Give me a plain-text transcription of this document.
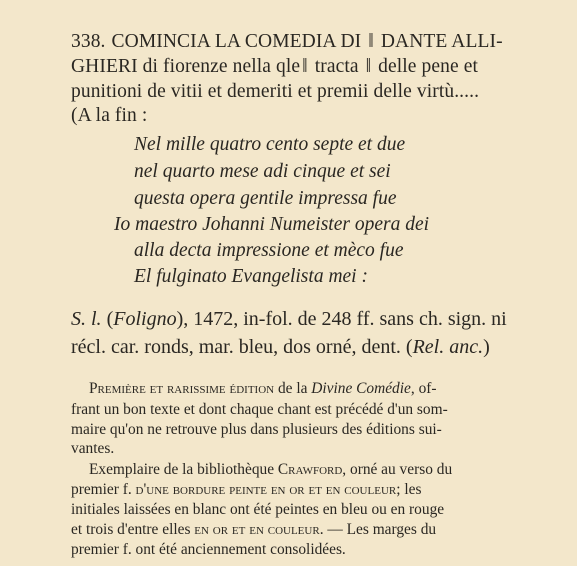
338. COMINCIA LA COMEDIA DI ‖ DANTE ALLI-
GHIERI di fiorenze nella qle ‖ tracta ‖ delle pene et
punitioni de vitii et demeriti et premii delle virtù.....
(A la fin :
Nel mille quatro cento septe et due
nel quarto mese adi cinque et sei
questa opera gentile impressa fue
Io maestro Johanni Numeister opera dei
alla decta impressione et mèco fue
El fulginato Evangelista mei :
S. l. (Foligno), 1472, in-fol. de 248 ff. sans ch. sign. ni
récl. car. ronds, mar. bleu, dos orné, dent. (Rel. anc.)
Première et rarissime édition de la Divine Comédie, of-
frant un bon texte et dont chaque chant est précédé d'un som-
maire qu'on ne retrouve plus dans plusieurs des éditions sui-
vantes.
Exemplaire de la bibliothèque Crawford, orné au verso du
premier f. d'une bordure peinte en or et en couleur; les
initiales laissées en blanc ont été peintes en bleu ou en rouge
et trois d'entre elles en or et en couleur. — Les marges du
premier f. ont été anciennement consolidées.
